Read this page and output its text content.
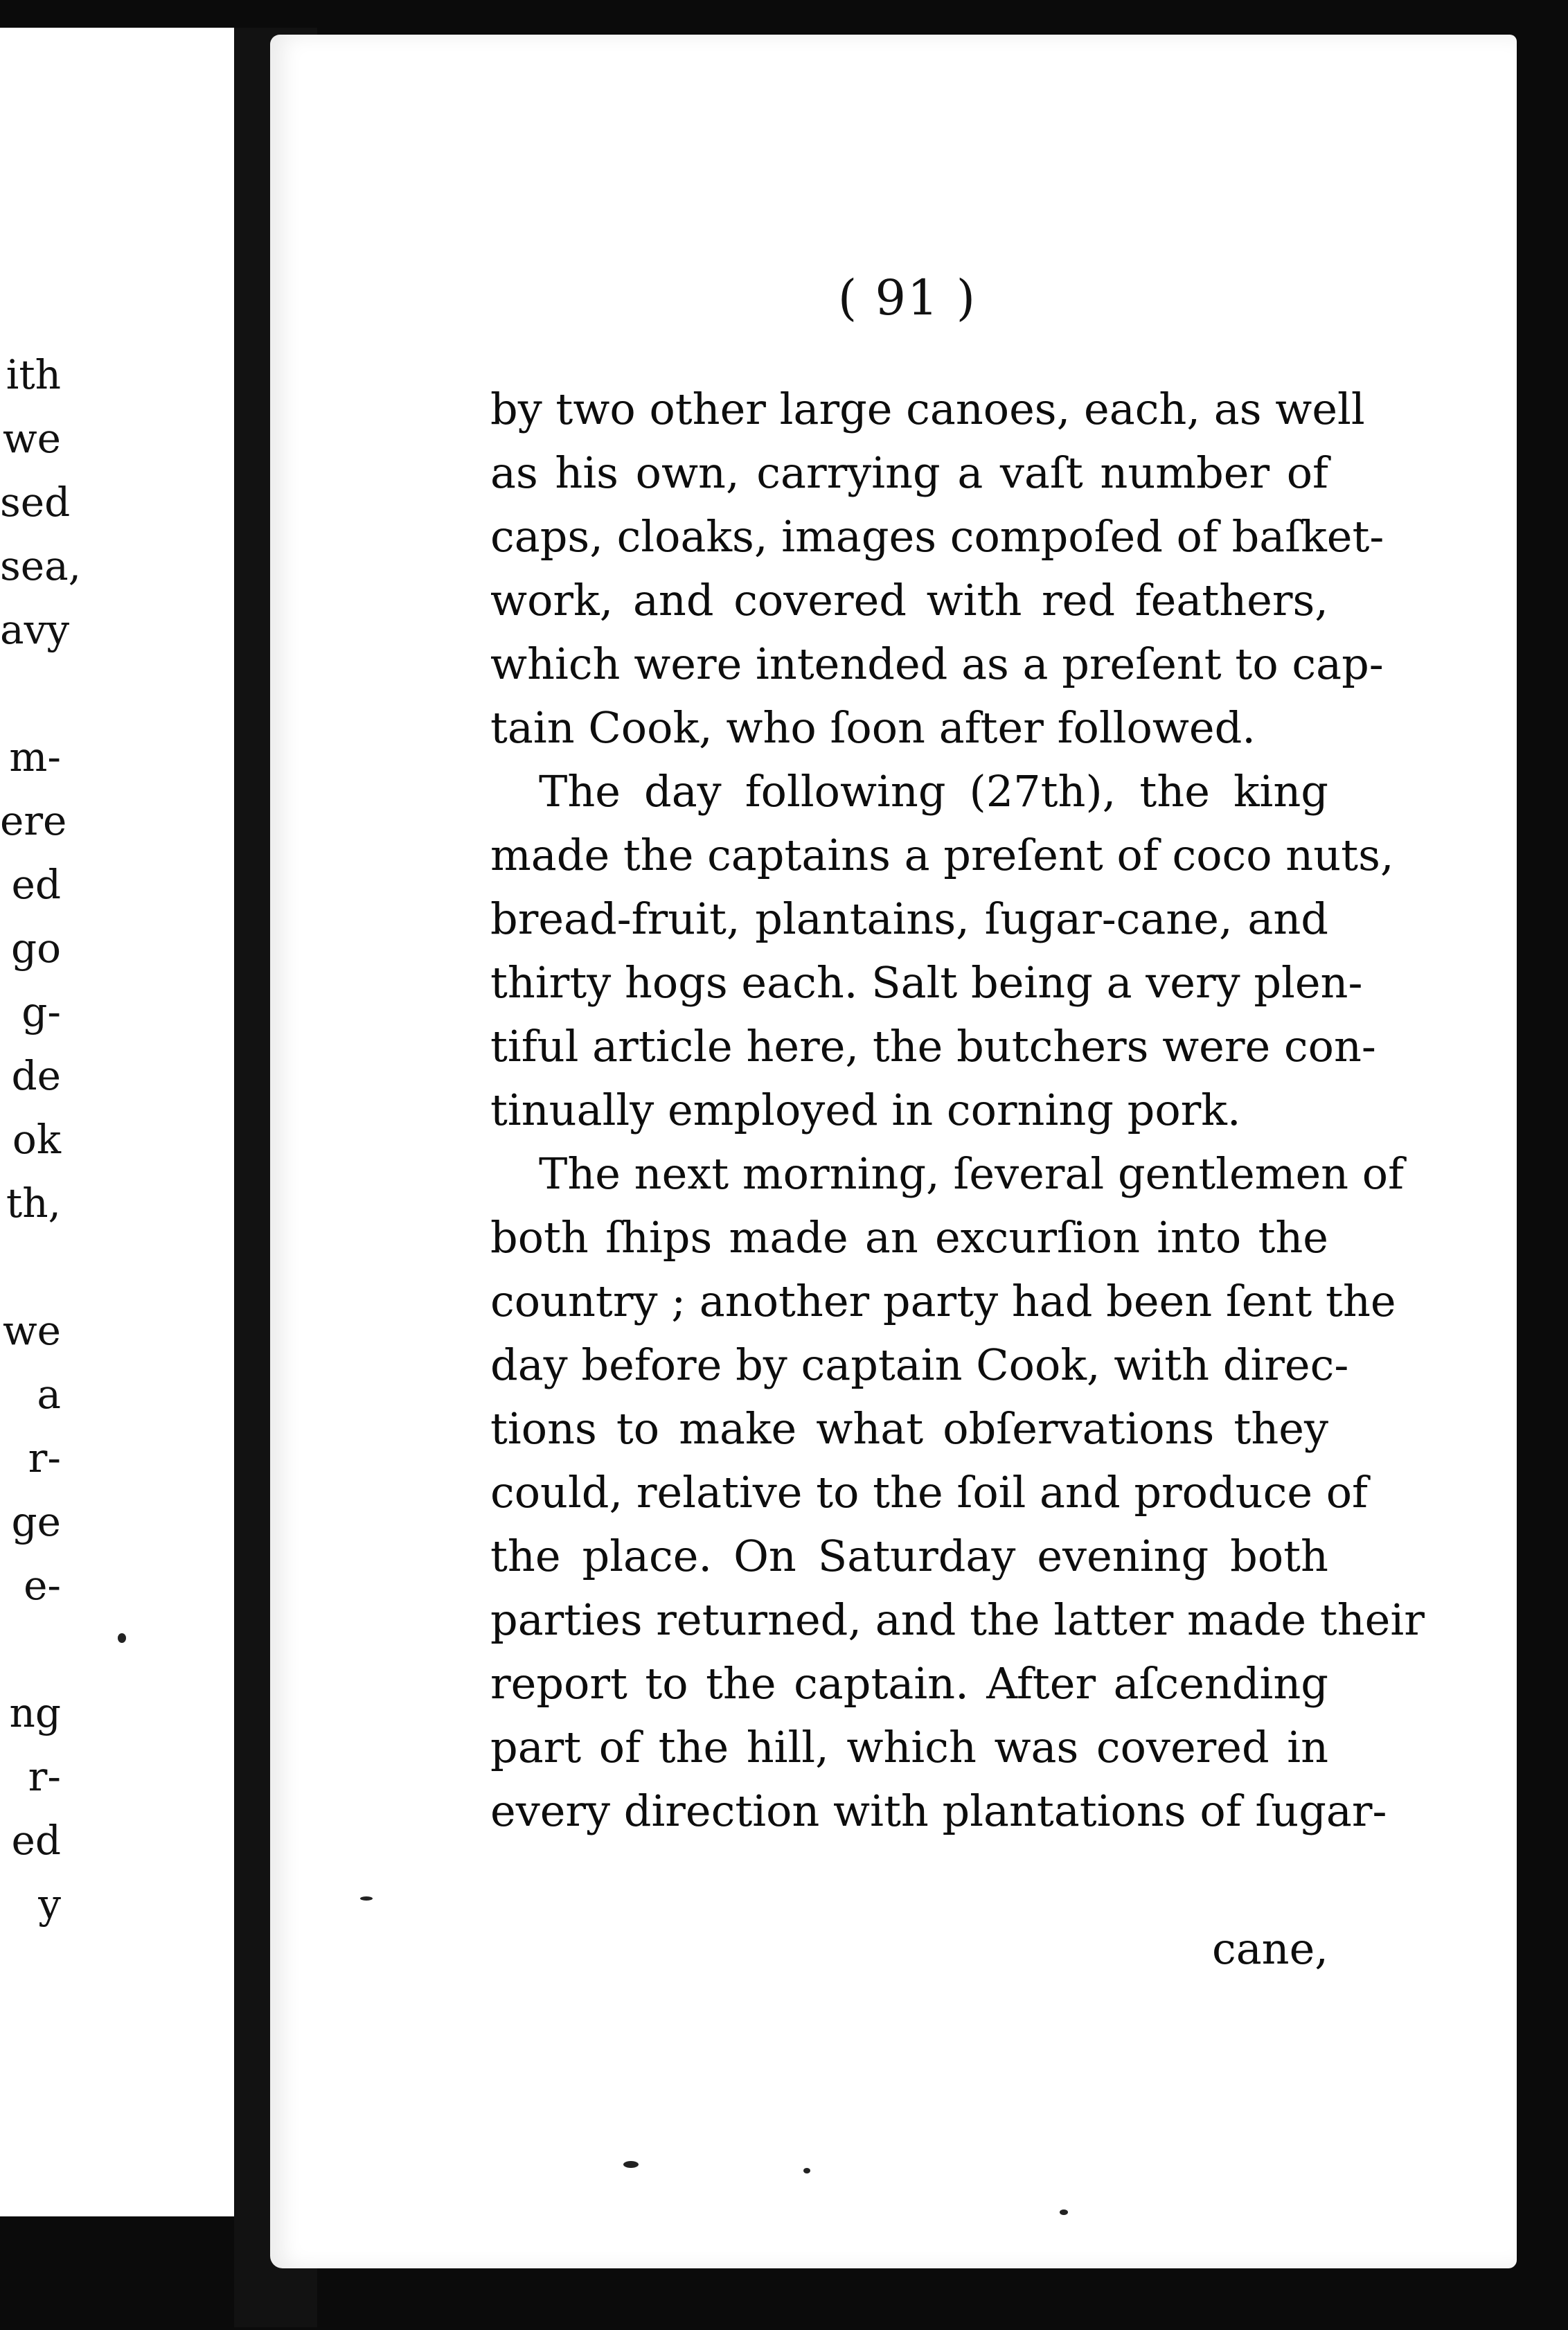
ith
we
sed
sea,
avy
m-
ere
ed
go
g-
de
ok
th,
we
a
r-
ge
e-
ng
r-
ed
y
( 91 )
by two other large canoes, each, as well
as his own, carrying a vaſt number of
caps, cloaks, images compoſed of baſket-
work, and covered with red feathers,
which were intended as a preſent to cap-
tain Cook, who ſoon after followed.
The day following (27th), the king
made the captains a preſent of coco nuts,
bread-fruit, plantains, ſugar-cane, and
thirty hogs each. Salt being a very plen-
tiful article here, the butchers were con-
tinually employed in corning pork.
The next morning, ſeveral gentlemen of
both ſhips made an excurſion into the
country ; another party had been ſent the
day before by captain Cook, with direc-
tions to make what obſervations they
could, relative to the ſoil and produce of
the place. On Saturday evening both
parties returned, and the latter made their
report to the captain. After aſcending
part of the hill, which was covered in
every direction with plantations of ſugar-
cane,
